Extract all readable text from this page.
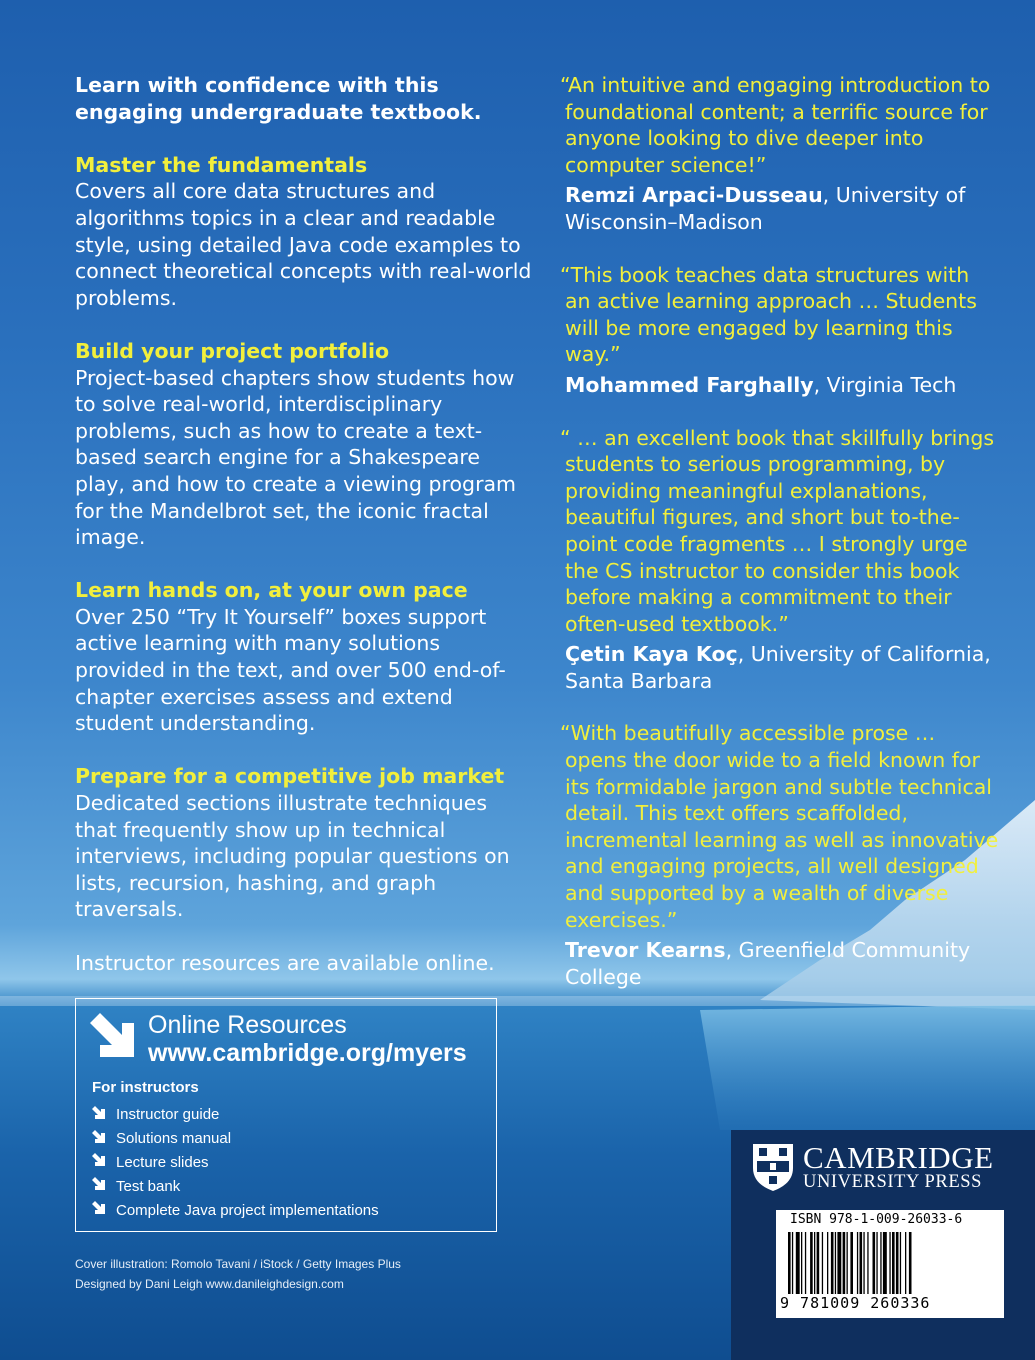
Learn with confidence with this engaging undergraduate textbook.

Master the fundamentals
Covers all core data structures and algorithms topics in a clear and readable style, using detailed Java code examples to connect theoretical concepts with real-world problems.

Build your project portfolio
Project-based chapters show students how to solve real-world, interdisciplinary problems, such as how to create a text-based search engine for a Shakespeare play, and how to create a viewing program for the Mandelbrot set, the iconic fractal image.

Learn hands on, at your own pace
Over 250 “Try It Yourself” boxes support active learning with many solutions provided in the text, and over 500 end-of-chapter exercises assess and extend student understanding.

Prepare for a competitive job market
Dedicated sections illustrate techniques that frequently show up in technical interviews, including popular questions on lists, recursion, hashing, and graph traversals.

Instructor resources are available online.

“An intuitive and engaging introduction to foundational content; a terrific source for anyone looking to dive deeper into computer science!”
Remzi Arpaci-Dusseau, University of Wisconsin–Madison
“This book teaches data structures with an active learning approach … Students will be more engaged by learning this way.”
Mohammed Farghally, Virginia Tech
“ … an excellent book that skillfully brings students to serious programming, by providing meaningful explanations, beautiful figures, and short but to-the-point code fragments … I strongly urge the CS instructor to consider this book before making a commitment to their often-used textbook.”
Çetin Kaya Koç, University of California, Santa Barbara
“With beautifully accessible prose … opens the door wide to a field known for its formidable jargon and subtle technical detail. This text offers scaffolded, incremental learning as well as innovative and engaging projects, all well designed and supported by a wealth of diverse exercises.”
Trevor Kearns, Greenfield Community College
Online Resources
www.cambridge.org/myers
For instructors
Instructor guide
Solutions manual
Lecture slides
Test bank
Complete Java project implementations
Cover illustration: Romolo Tavani / iStock / Getty Images Plus
Designed by Dani Leigh www.danileighdesign.com
CAMBRIDGE
UNIVERSITY PRESS
ISBN 978-1-009-26033-6
9 781009 260336
